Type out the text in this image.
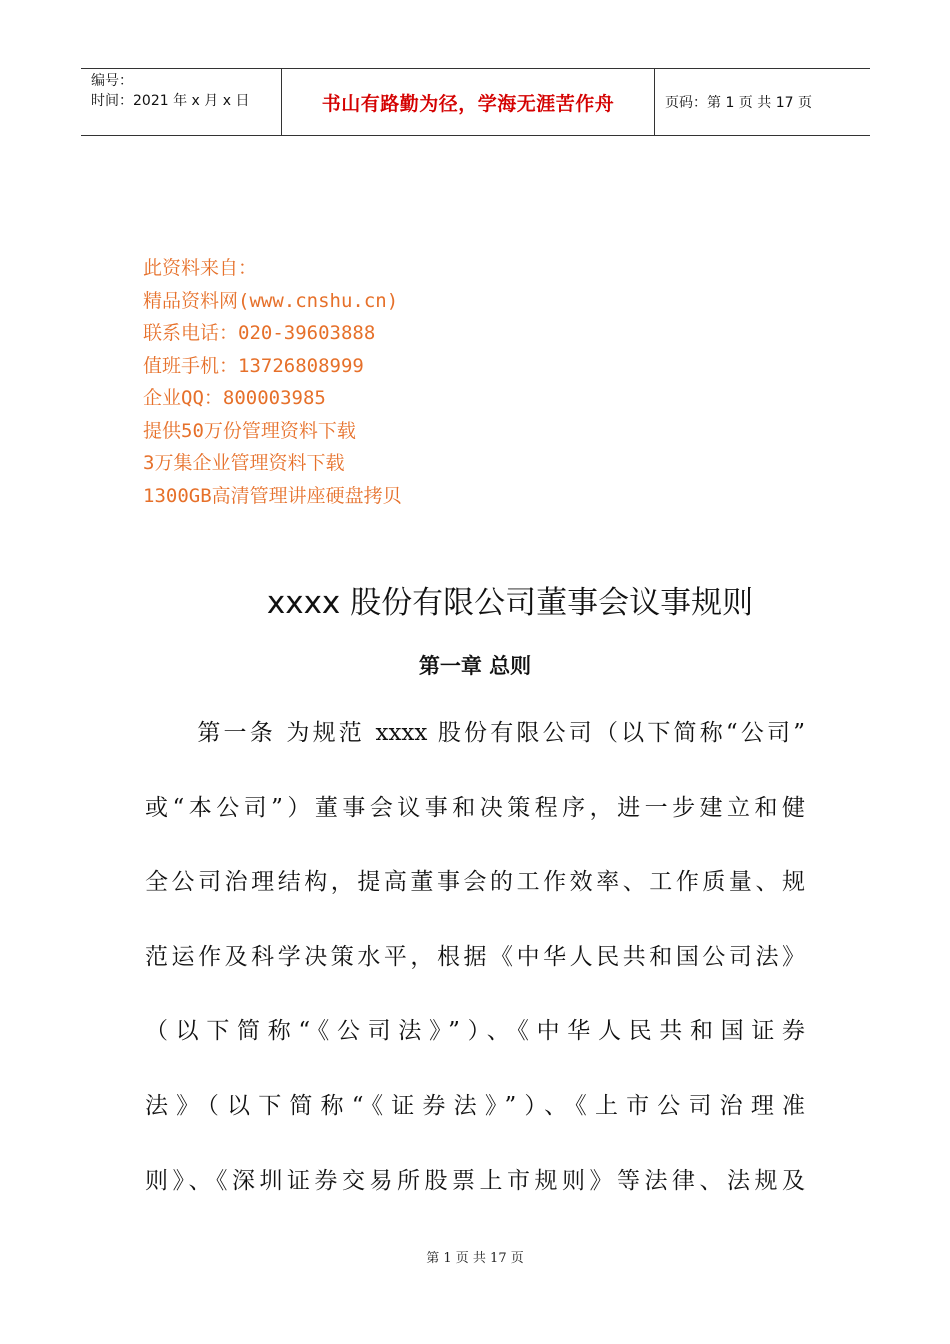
编号：
时间：2021 年 x 月 x 日	书山有路勤为径，学海无涯苦作舟	页码：第 1 页 共 17 页
此资料来自：
精品资料网(www.cnshu.cn)
联系电话：020-39603888
值班手机：13726808999
企业QQ：800003985
提供50万份管理资料下载
3万集企业管理资料下载
1300GB高清管理讲座硬盘拷贝
xxxx 股份有限公司董事会议事规则
第一章 总则
　　第一条 为规范 xxxx 股份有限公司（以下简称“公司”
或“本公司”）董事会议事和决策程序，进一步建立和健
全公司治理结构，提高董事会的工作效率、工作质量、规
范运作及科学决策水平，根据《中华人民共和国公司法》
（以下简称“《公司法》”）、《中华人民共和国证券
法》（以下简称“《证券法》”）、《上市公司治理准
则》、《深圳证券交易所股票上市规则》等法律、法规及
第 1 页 共 17 页
